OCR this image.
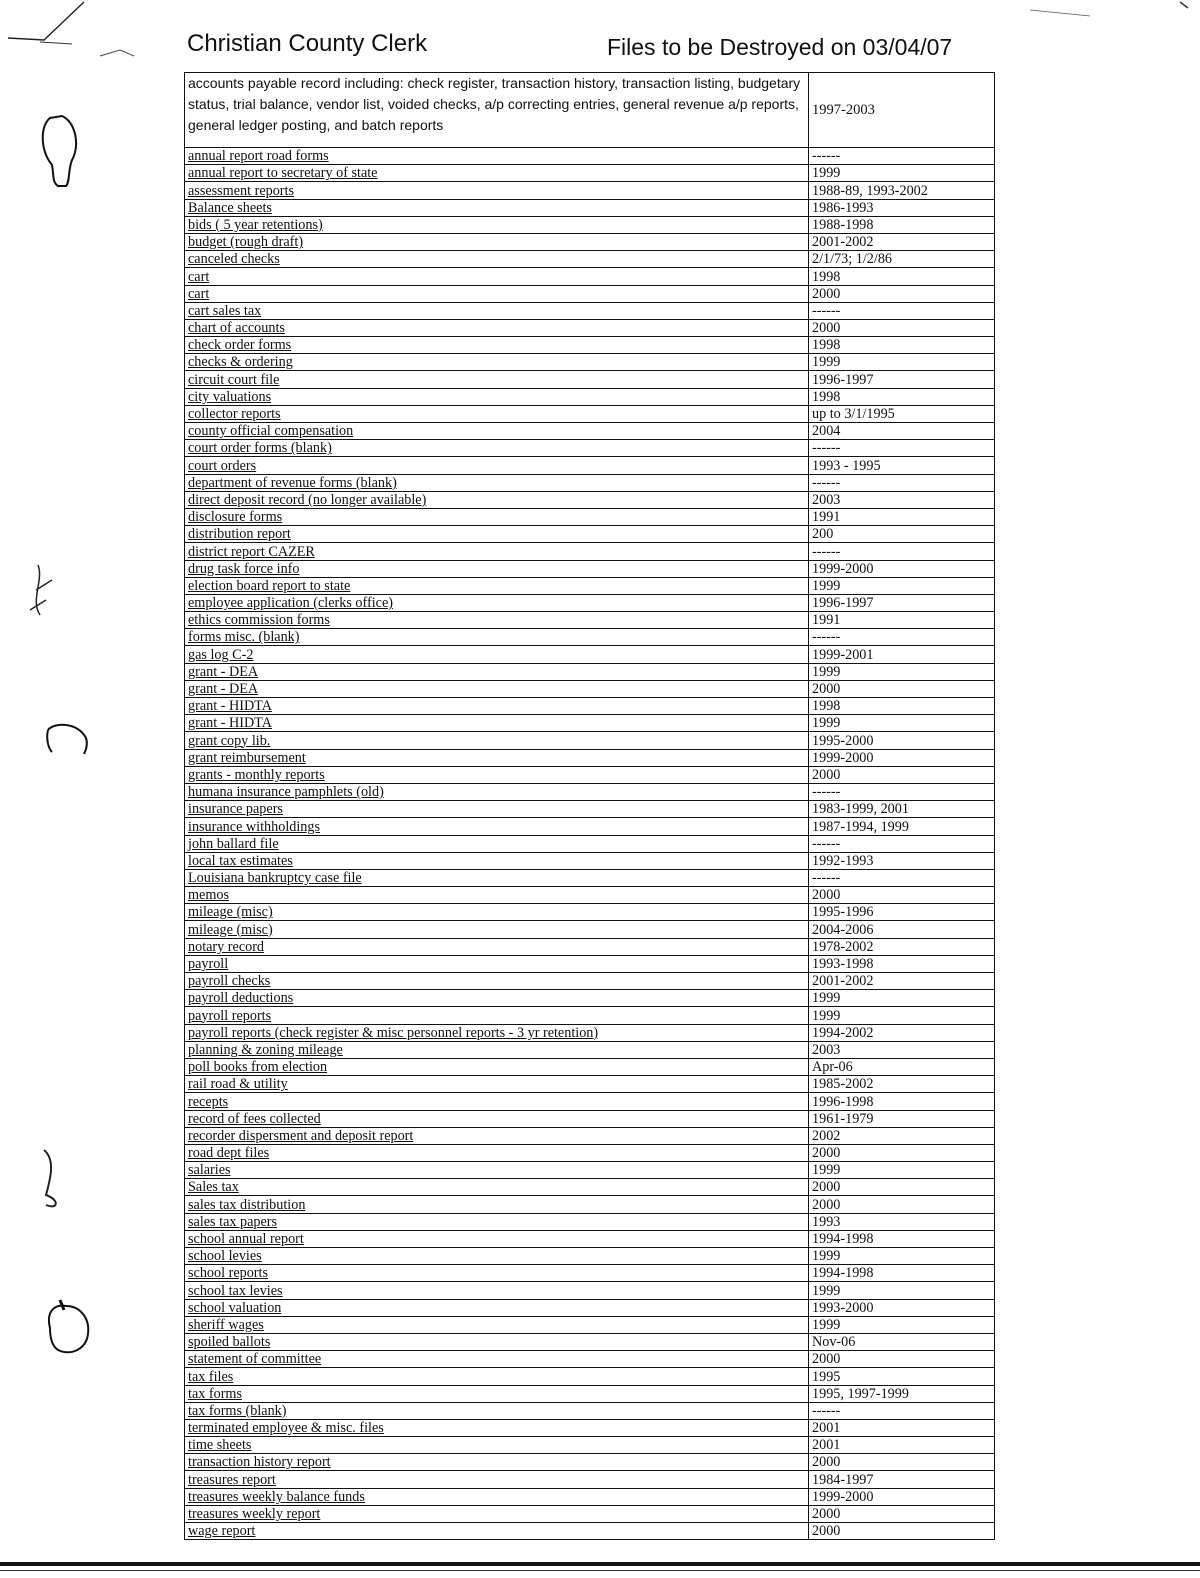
Christian County Clerk	Files to be Destroyed on 03/04/07
accounts payable record including: check register, transaction history, transaction listing, budgetary status, trial balance, vendor list, voided checks, a/p correcting entries, general revenue a/p reports, general ledger posting, and batch reports	1997-2003
annual report road forms	------
annual report to secretary of state	1999
assessment reports	1988-89, 1993-2002
Balance sheets	1986-1993
bids ( 5 year retentions)	1988-1998
budget (rough draft)	2001-2002
canceled checks	2/1/73; 1/2/86
cart	1998
cart	2000
cart sales tax	------
chart of accounts	2000
check order forms	1998
checks & ordering	1999
circuit court file	1996-1997
city valuations	1998
collector reports	up to 3/1/1995
county official compensation	2004
court order forms (blank)	------
court orders	1993 - 1995
department of revenue forms (blank)	------
direct deposit record (no longer available)	2003
disclosure forms	1991
distribution report	200
district report CAZER	------
drug task force info	1999-2000
election board report to state	1999
employee application (clerks office)	1996-1997
ethics commission forms	1991
forms misc. (blank)	------
gas log C-2	1999-2001
grant - DEA	1999
grant - DEA	2000
grant - HIDTA	1998
grant - HIDTA	1999
grant copy lib.	1995-2000
grant reimbursement	1999-2000
grants - monthly reports	2000
humana insurance pamphlets (old)	------
insurance papers	1983-1999, 2001
insurance withholdings	1987-1994, 1999
john ballard file	------
local tax estimates	1992-1993
Louisiana bankruptcy case file	------
memos	2000
mileage (misc)	1995-1996
mileage (misc)	2004-2006
notary record	1978-2002
payroll	1993-1998
payroll checks	2001-2002
payroll deductions	1999
payroll reports	1999
payroll reports (check register & misc personnel reports - 3 yr retention)	1994-2002
planning & zoning mileage	2003
poll books from election	Apr-06
rail road & utility	1985-2002
recepts	1996-1998
record of fees collected	1961-1979
recorder dispersment and deposit report	2002
road dept files	2000
salaries	1999
Sales tax	2000
sales tax distribution	2000
sales tax papers	1993
school annual report	1994-1998
school levies	1999
school reports	1994-1998
school tax levies	1999
school valuation	1993-2000
sheriff wages	1999
spoiled ballots	Nov-06
statement of committee	2000
tax files	1995
tax forms	1995, 1997-1999
tax forms (blank)	------
terminated employee & misc. files	2001
time sheets	2001
transaction history report	2000
treasures report	1984-1997
treasures weekly balance funds	1999-2000
treasures weekly report	2000
wage report	2000
